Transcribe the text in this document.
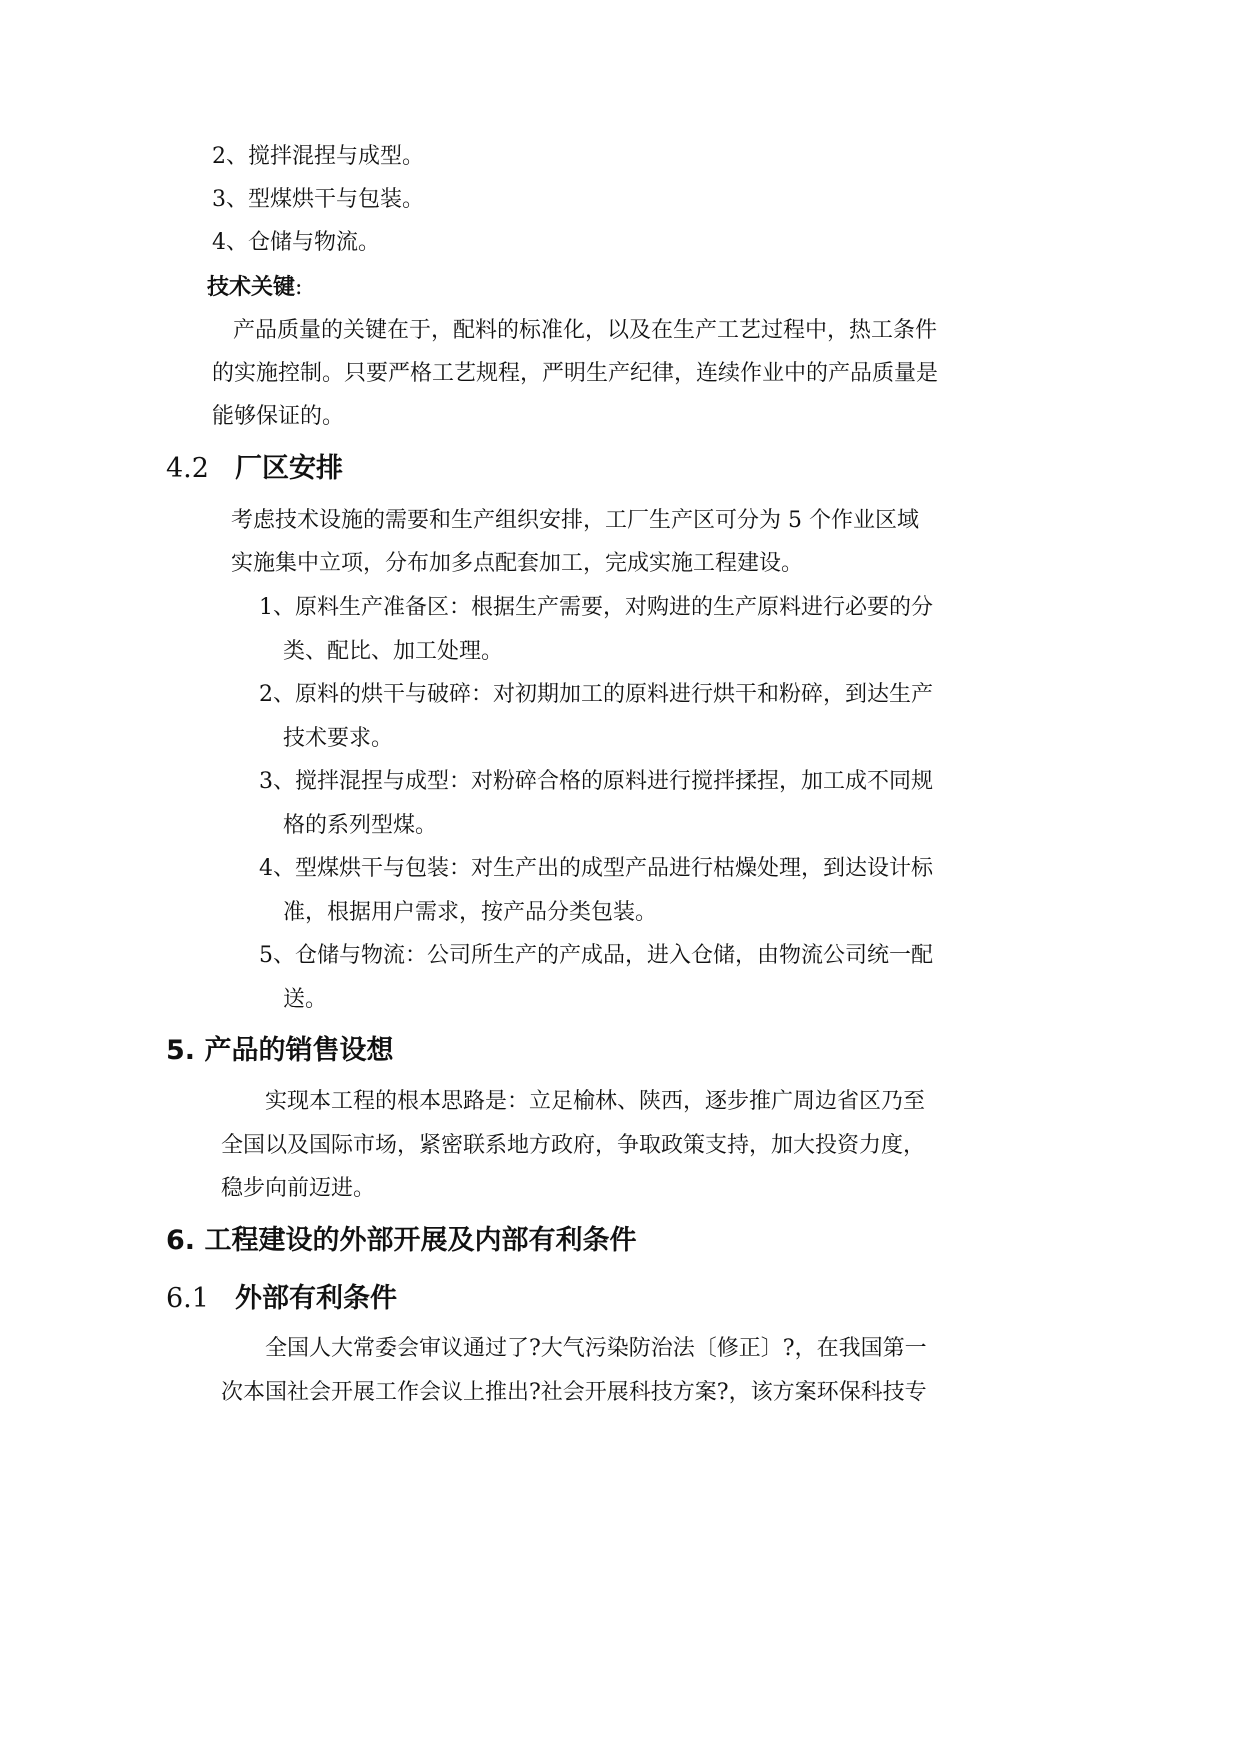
2、搅拌混捏与成型。
3、型煤烘干与包装。
4、仓储与物流。
技术关键:
产品质量的关键在于，配料的标准化，以及在生产工艺过程中，热工条件
的实施控制。只要严格工艺规程，严明生产纪律，连续作业中的产品质量是
能够保证的。
4.2 厂区安排
考虑技术设施的需要和生产组织安排，工厂生产区可分为 5 个作业区域
实施集中立项，分布加多点配套加工，完成实施工程建设。
1、原料生产准备区：根据生产需要，对购进的生产原料进行必要的分
类、配比、加工处理。
2、原料的烘干与破碎：对初期加工的原料进行烘干和粉碎，到达生产
技术要求。
3、搅拌混捏与成型：对粉碎合格的原料进行搅拌揉捏，加工成不同规
格的系列型煤。
4、型煤烘干与包装：对生产出的成型产品进行枯燥处理，到达设计标
准，根据用户需求，按产品分类包装。
5、仓储与物流：公司所生产的产成品，进入仓储，由物流公司统一配
送。
5. 产品的销售设想
实现本工程的根本思路是：立足榆林、陕西，逐步推广周边省区乃至
全国以及国际市场，紧密联系地方政府，争取政策支持，加大投资力度，
稳步向前迈进。
6. 工程建设的外部开展及内部有利条件
6.1 外部有利条件
全国人大常委会审议通过了?大气污染防治法〔修正〕?，在我国第一
次本国社会开展工作会议上推出?社会开展科技方案?，该方案环保科技专
